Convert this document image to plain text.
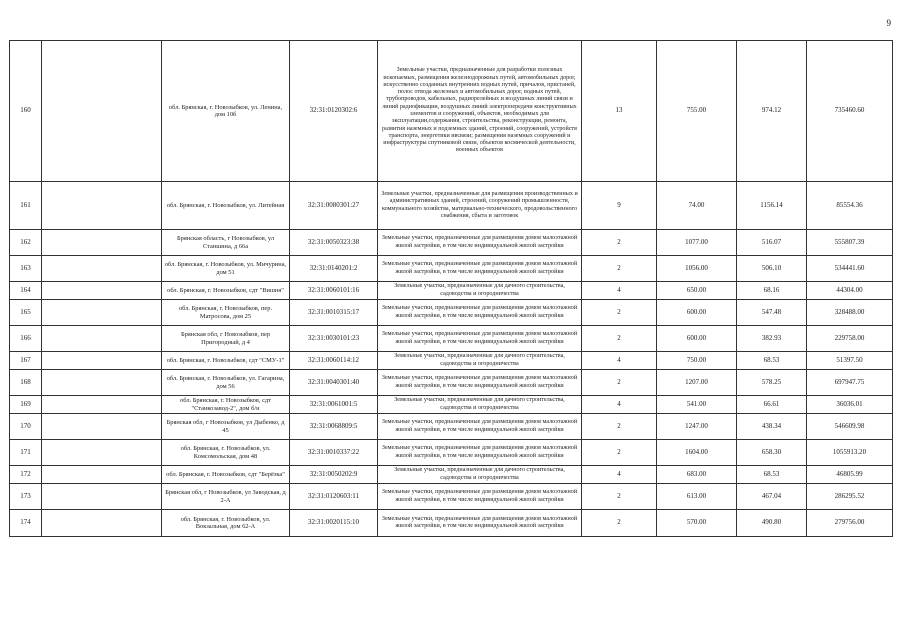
9
160		обл. Брянская, г. Новозыбков, ул. Ленина, дом 10б	32:31:0120302:6	Земельные участки, предназначенные для разработки полезных ископаемых, размещения железнодорожных путей, автомобильных дорог, искусственно созданных внутренних водных путей, причалов, пристаней, полос отвода железных и автомобильных дорог, водных путей, трубопроводов, кабельных, радиорелейных и воздушных линий связи и линий радиофикации, воздушных линий электропередачи конструктивных элементов и сооружений, объектов, необходимых для эксплуатации,содержания, строительства, реконструкции, ремонта, развития наземных и подземных зданий, строений, сооружений, устройств транспорта, энергетики ивсвязи; размещения наземных сооружений и инфраструктуры спутниковой связи, объектов космической деятельности, военных объектов	13	755.00	974.12	735460.60
161		обл. Брянская, г. Новозыбков, ул. Литейная	32:31:0080301:27	Земельные участки, предназначенные для размещения производственных и административных зданий, строений, сооружений промышленности, коммунального хозяйства, материально-технического, продовольственного снабжения, сбыта и заготовок	9	74.00	1156.14	85554.36
162		Брянская область, г Новозыбков, ул Станшина, д 66а	32:31:0050323:38	Земельные участки, предназначенные для размещения домов малоэтажной жилой застройки, в том числе индивидуальной жилой застройки	2	1077.00	516.07	555807.39
163		обл. Брянская, г. Новозыбков, ул. Мичурина, дом 51	32:31:0140201:2	Земельные участки, предназначенные для размещения домов малоэтажной жилой застройки, в том числе индивидуальной жилой застройки	2	1056.00	506.10	534441.60
164		обл. Брянская, г. Новозыбков, сдт "Вишня"	32:31:0060101:16	Земельные участки, предназначенные для дачного строительства, садоводства и огородничества	4	650.00	68.16	44304.00
165		обл. Брянская, г. Новозыбков, пер. Матросова, дом 25	32:31:0010315:17	Земельные участки, предназначенные для размещения домов малоэтажной жилой застройки, в том числе индивидуальной жилой застройки	2	600.00	547.48	328488.00
166		Брянская обл, г Новозыбков, пер Пригородный, д 4	32:31:0030101:23	Земельные участки, предназначенные для размещения домов малоэтажной жилой застройки, в том числе индивидуальной жилой застройки	2	600.00	382.93	229758.00
167		обл. Брянская, г. Новозыбков, сдт "СМУ-1"	32:31:0060114:12	Земельные участки, предназначенные для дачного строительства, садоводства и огородничества	4	750.00	68.53	51397.50
168		обл. Брянская, г. Новозыбков, ул. Гагарина, дом 56	32:31:0040301:40	Земельные участки, предназначенные для размещения домов малоэтажной жилой застройки, в том числе индивидуальной жилой застройки	2	1207.00	578.25	697947.75
169		обл. Брянская, г. Новозыбков, сдт "Станкозавод-2", дом б/н	32:31:0061001:5	Земельные участки, предназначенные для дачного строительства, садоводства и огородничества	4	541.00	66.61	36036.01
170		Брянская обл, г Новозыбков, ул Дыбенко, д 45	32:31:0068809:5	Земельные участки, предназначенные для размещения домов малоэтажной жилой застройки, в том числе индивидуальной жилой застройки	2	1247.00	438.34	546609.98
171		обл. Брянская, г. Новозыбков, ул. Комсомольская, дом 48	32:31:0010337:22	Земельные участки, предназначенные для размещения домов малоэтажной жилой застройки, в том числе индивидуальной жилой застройки	2	1604.00	658.30	1055913.20
172		обл. Брянская, г. Новозыбков, сдт "Берёзка"	32:31:0050202:9	Земельные участки, предназначенные для дачного строительства, садоводства и огородничества	4	683.00	68.53	46805.99
173		Брянская обл, г Новозыбков, ул Заводская, д 2-А	32:31:0120603:11	Земельные участки, предназначенные для размещения домов малоэтажной жилой застройки, в том числе индивидуальной жилой застройки	2	613.00	467.04	286295.52
174		обл. Брянская, г. Новозыбков, ул. Вокзальная, дом 62-А	32:31:0020115:10	Земельные участки, предназначенные для размещения домов малоэтажной жилой застройки, в том числе индивидуальной жилой застройки	2	570.00	490.80	279756.00
